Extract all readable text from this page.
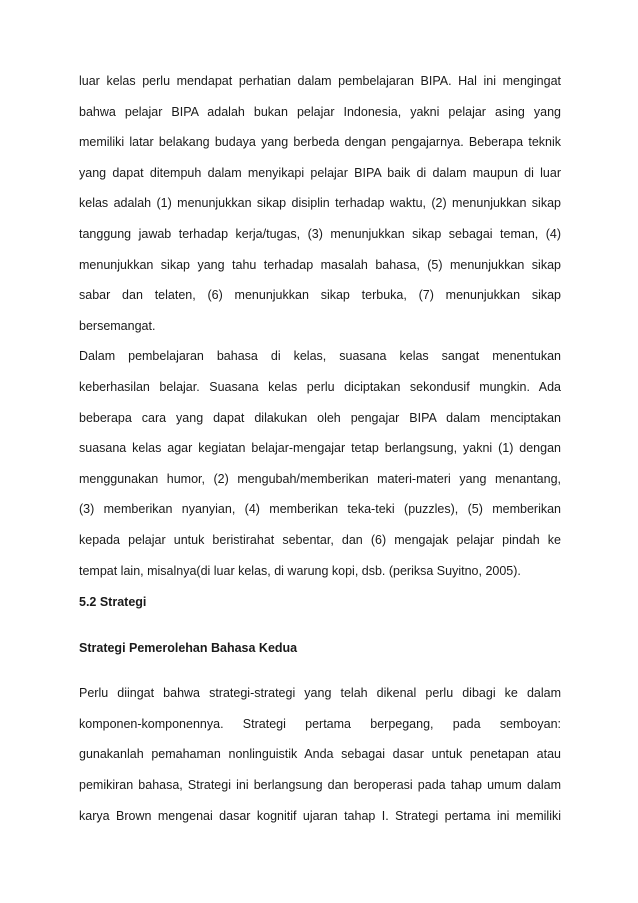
luar kelas perlu mendapat perhatian dalam pembelajaran BIPA. Hal ini mengingat

bahwa pelajar BIPA adalah bukan pelajar Indonesia, yakni pelajar asing yang

memiliki latar belakang budaya yang berbeda dengan pengajarnya. Beberapa teknik

yang dapat ditempuh dalam menyikapi pelajar BIPA baik di dalam maupun di luar

kelas adalah (1) menunjukkan sikap disiplin terhadap waktu, (2) menunjukkan sikap

tanggung jawab terhadap kerja/tugas, (3) menunjukkan sikap sebagai teman, (4)

menunjukkan sikap yang tahu terhadap masalah bahasa, (5) menunjukkan sikap

sabar dan telaten, (6) menunjukkan sikap terbuka, (7) menunjukkan sikap

bersemangat.

Dalam pembelajaran bahasa di kelas, suasana kelas sangat menentukan

keberhasilan belajar. Suasana kelas perlu diciptakan sekondusif mungkin. Ada

beberapa cara yang dapat dilakukan oleh pengajar BIPA dalam menciptakan

suasana kelas agar kegiatan belajar-mengajar tetap berlangsung, yakni (1) dengan

menggunakan humor, (2) mengubah/memberikan materi-materi yang menantang,

(3) memberikan nyanyian, (4) memberikan teka-teki (puzzles), (5) memberikan

kepada pelajar untuk beristirahat sebentar, dan (6) mengajak pelajar pindah ke

tempat lain, misalnya(di luar kelas, di warung kopi, dsb. (periksa Suyitno, 2005).

5.2 Strategi

Strategi Pemerolehan Bahasa Kedua

Perlu diingat bahwa strategi-strategi yang telah dikenal perlu dibagi ke dalam

komponen-komponennya. Strategi pertama berpegang, pada semboyan:

gunakanlah pemahaman nonlinguistik Anda sebagai dasar untuk penetapan atau

pemikiran bahasa, Strategi ini berlangsung dan beroperasi pada tahap umum dalam

karya Brown mengenai dasar kognitif ujaran tahap I. Strategi pertama ini memiliki
